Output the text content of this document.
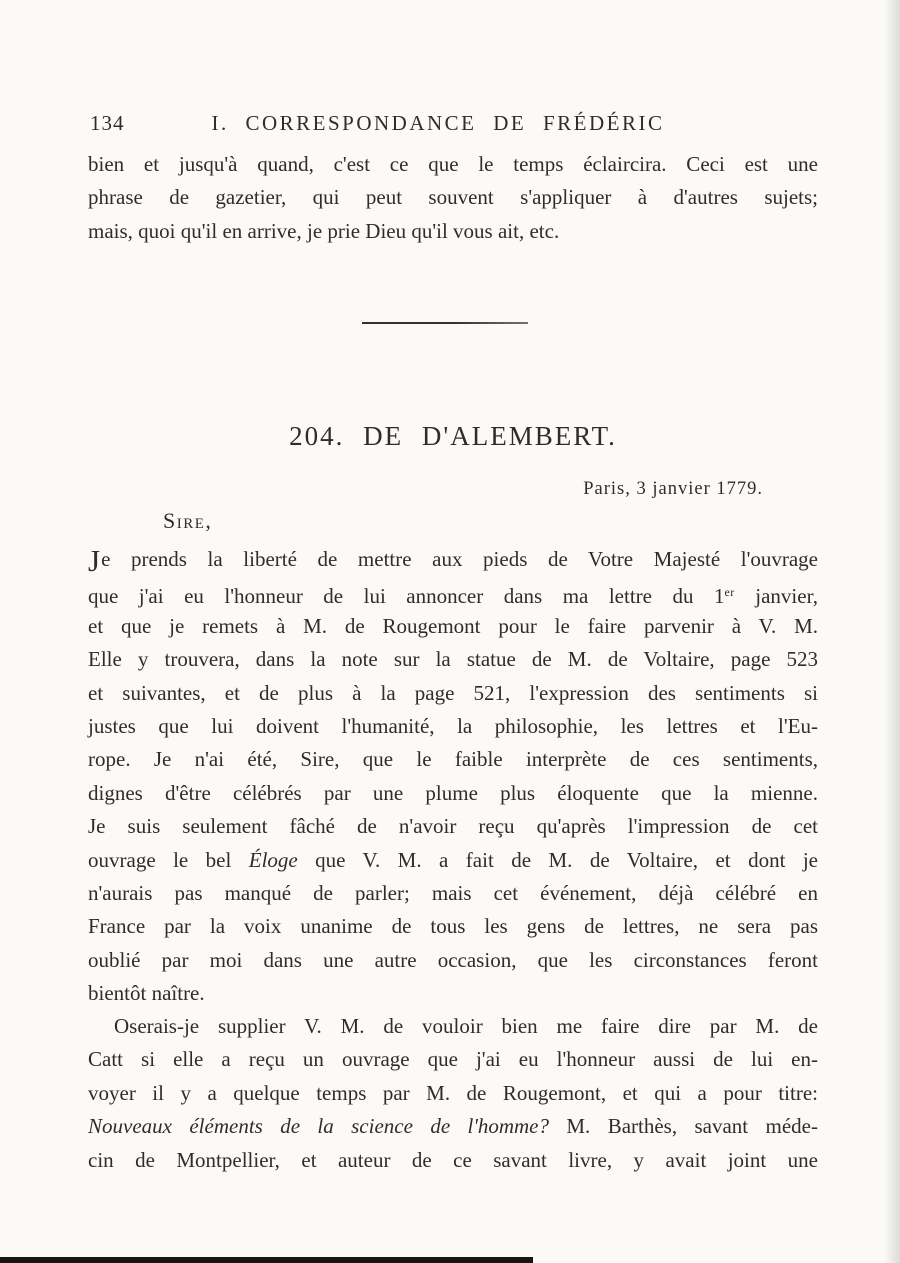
134	I. CORRESPONDANCE DE FRÉDÉRIC
bien et jusqu'à quand, c'est ce que le temps éclaircira. Ceci est une
phrase de gazetier, qui peut souvent s'appliquer à d'autres sujets;
mais, quoi qu'il en arrive, je prie Dieu qu'il vous ait, etc.
204. DE D'ALEMBERT.
Paris, 3 janvier 1779.
Sire,
Je prends la liberté de mettre aux pieds de Votre Majesté l'ouvrage
que j'ai eu l'honneur de lui annoncer dans ma lettre du 1er janvier,
et que je remets à M. de Rougemont pour le faire parvenir à V. M.
Elle y trouvera, dans la note sur la statue de M. de Voltaire, page 523
et suivantes, et de plus à la page 521, l'expression des sentiments si
justes que lui doivent l'humanité, la philosophie, les lettres et l'Eu-
rope. Je n'ai été, Sire, que le faible interprète de ces sentiments,
dignes d'être célébrés par une plume plus éloquente que la mienne.
Je suis seulement fâché de n'avoir reçu qu'après l'impression de cet
ouvrage le bel Éloge que V. M. a fait de M. de Voltaire, et dont je
n'aurais pas manqué de parler; mais cet événement, déjà célébré en
France par la voix unanime de tous les gens de lettres, ne sera pas
oublié par moi dans une autre occasion, que les circonstances feront
bientôt naître.
Oserais-je supplier V. M. de vouloir bien me faire dire par M. de
Catt si elle a reçu un ouvrage que j'ai eu l'honneur aussi de lui en-
voyer il y a quelque temps par M. de Rougemont, et qui a pour titre:
Nouveaux éléments de la science de l'homme? M. Barthès, savant méde-
cin de Montpellier, et auteur de ce savant livre, y avait joint une
